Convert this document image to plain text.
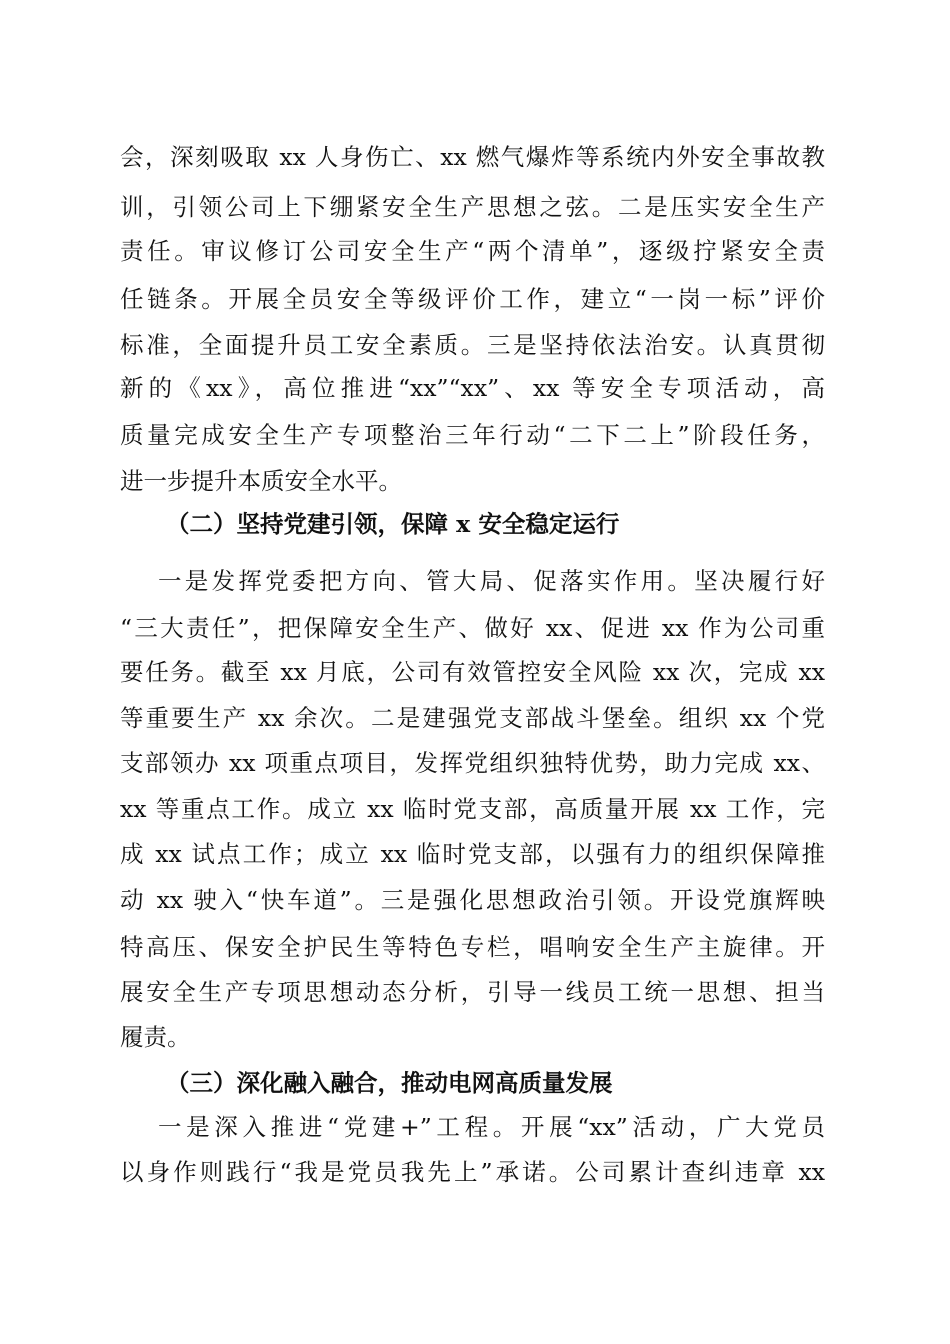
会，深刻吸取 xx 人身伤亡、xx 燃气爆炸等系统内外安全事故教
训，引领公司上下绷紧安全生产思想之弦。二是压实安全生产
责任。审议修订公司安全生产“两个清单”，逐级拧紧安全责
任链条。开展全员安全等级评价工作，建立“一岗一标”评价
标准，全面提升员工安全素质。三是坚持依法治安。认真贯彻
新的《xx》，高位推进“xx”“xx”、xx 等安全专项活动，高
质量完成安全生产专项整治三年行动“二下二上”阶段任务，
进一步提升本质安全水平。
（二）坚持党建引领，保障 x 安全稳定运行
一是发挥党委把方向、管大局、促落实作用。坚决履行好
“三大责任”，把保障安全生产、做好 xx、促进 xx 作为公司重
要任务。截至 xx 月底，公司有效管控安全风险 xx 次，完成 xx
等重要生产 xx 余次。二是建强党支部战斗堡垒。组织 xx 个党
支部领办 xx 项重点项目，发挥党组织独特优势，助力完成 xx、
xx 等重点工作。成立 xx 临时党支部，高质量开展 xx 工作，完
成 xx 试点工作；成立 xx 临时党支部，以强有力的组织保障推
动 xx 驶入“快车道”。三是强化思想政治引领。开设党旗辉映
特高压、保安全护民生等特色专栏，唱响安全生产主旋律。开
展安全生产专项思想动态分析，引导一线员工统一思想、担当
履责。
（三）深化融入融合，推动电网高质量发展
一是深入推进“党建+”工程。开展“xx”活动，广大党员
以身作则践行“我是党员我先上”承诺。公司累计查纠违章 xx
